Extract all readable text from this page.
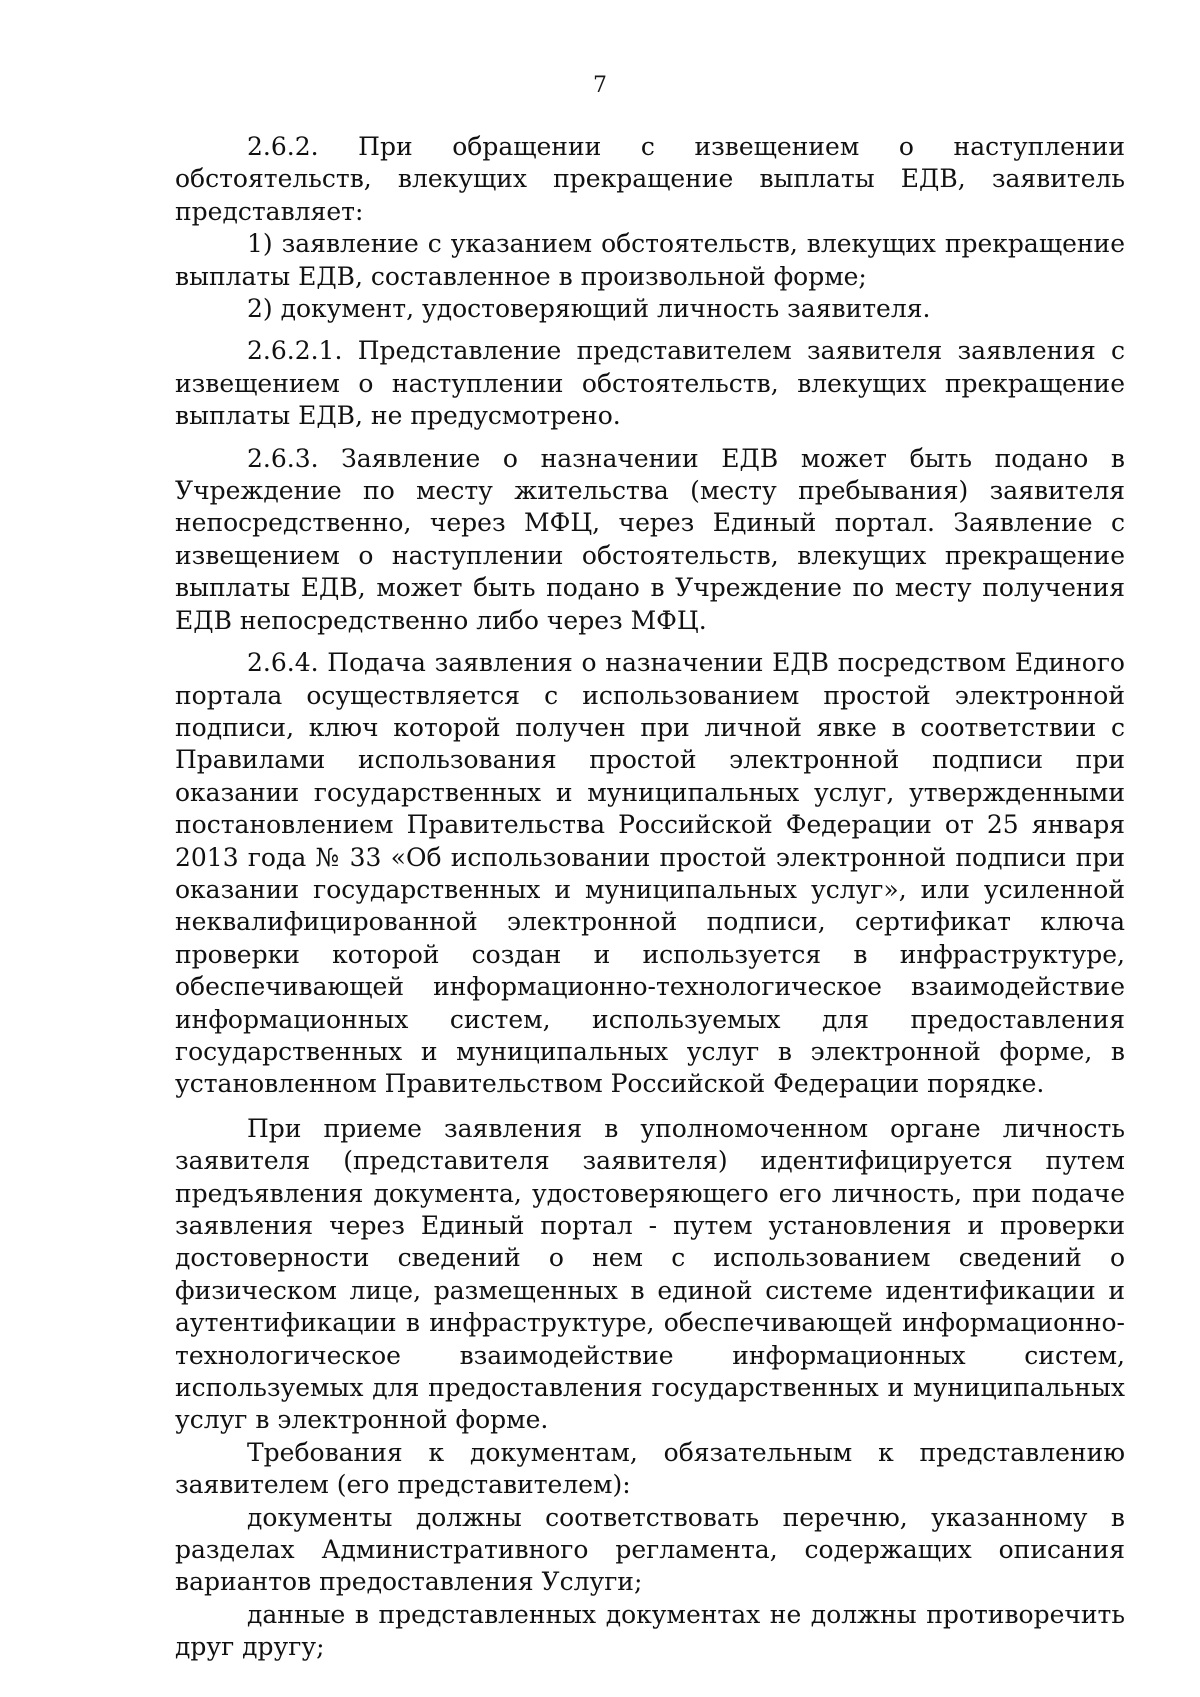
7

2.6.2. При обращении с извещением о наступлении обстоятельств, влекущих прекращение выплаты ЕДВ, заявитель представляет:

1) заявление с указанием обстоятельств, влекущих прекращение выплаты ЕДВ, составленное в произвольной форме;

2) документ, удостоверяющий личность заявителя.

2.6.2.1. Представление представителем заявителя заявления с извещением о наступлении обстоятельств, влекущих прекращение выплаты ЕДВ, не предусмотрено.

2.6.3. Заявление о назначении ЕДВ может быть подано в Учреждение по месту жительства (месту пребывания) заявителя непосредственно, через МФЦ, через Единый портал. Заявление с извещением о наступлении обстоятельств, влекущих прекращение выплаты ЕДВ, может быть подано в Учреждение по месту получения ЕДВ непосредственно либо через МФЦ.

2.6.4. Подача заявления о назначении ЕДВ посредством Единого портала осуществляется с использованием простой электронной подписи, ключ которой получен при личной явке в соответствии с Правилами использования простой электронной подписи при оказании государственных и муниципальных услуг, утвержденными постановлением Правительства Российской Федерации от 25 января 2013 года № 33 «Об использовании простой электронной подписи при оказании государственных и муниципальных услуг», или усиленной неквалифицированной электронной подписи, сертификат ключа проверки которой создан и используется в инфраструктуре, обеспечивающей информационно-технологическое взаимодействие информационных систем, используемых для предоставления государственных и муниципальных услуг в электронной форме, в установленном Правительством Российской Федерации порядке.

При приеме заявления в уполномоченном органе личность заявителя (представителя заявителя) идентифицируется путем предъявления документа, удостоверяющего его личность, при подаче заявления через Единый портал - путем установления и проверки достоверности сведений о нем с использованием сведений о физическом лице, размещенных в единой системе идентификации и аутентификации в инфраструктуре, обеспечивающей информационно-технологическое взаимодействие информационных систем, используемых для предоставления государственных и муниципальных услуг в электронной форме.

Требования к документам, обязательным к представлению заявителем (его представителем):

документы должны соответствовать перечню, указанному в разделах Административного регламента, содержащих описания вариантов предоставления Услуги;

данные в представленных документах не должны противоречить друг другу;
